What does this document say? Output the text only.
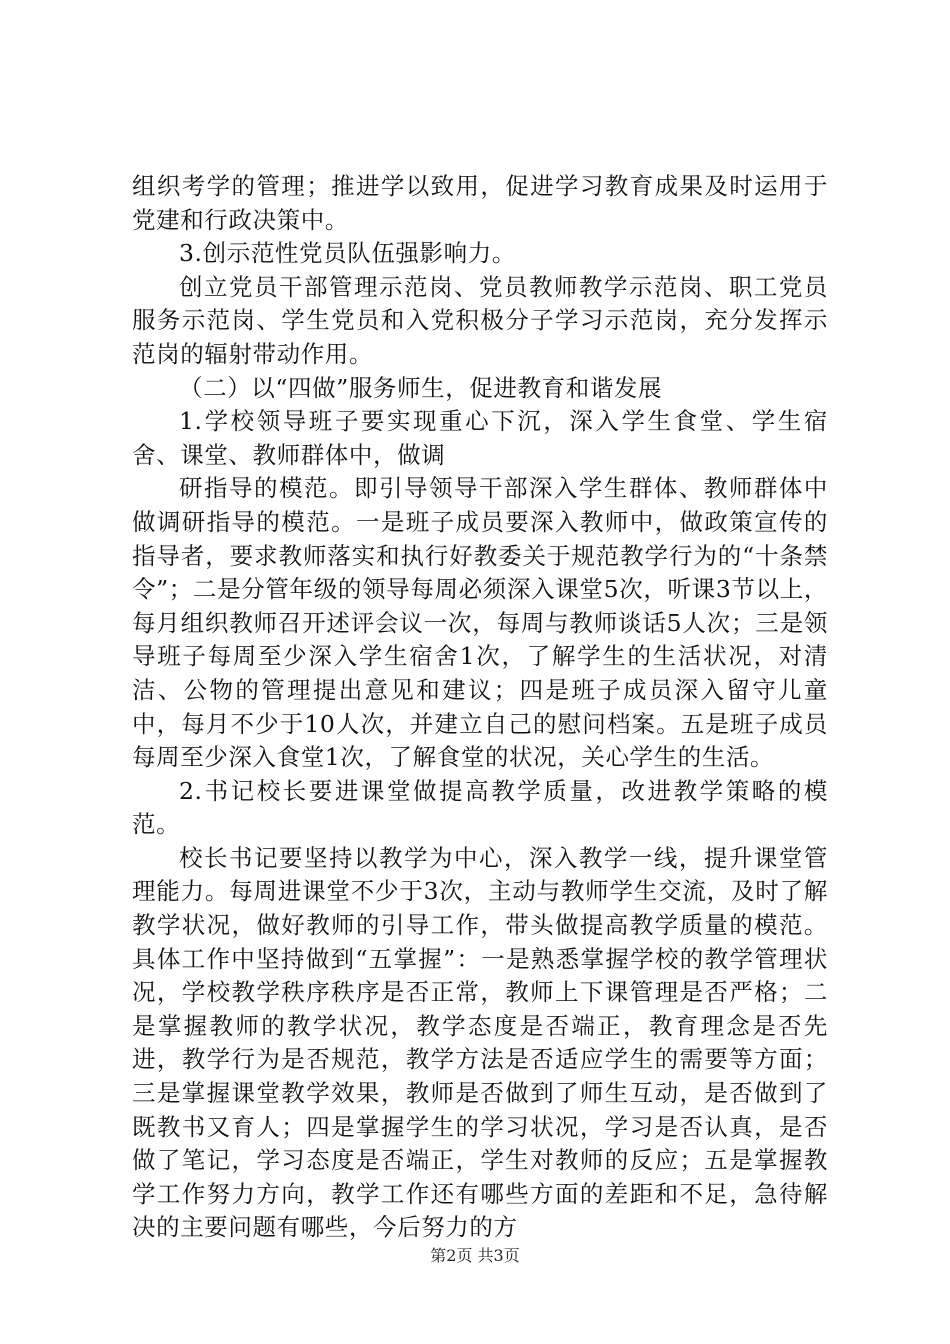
组织考学的管理；推进学以致用，促进学习教育成果及时运用于党建和行政决策中。

3.创示范性党员队伍强影响力。

创立党员干部管理示范岗、党员教师教学示范岗、职工党员服务示范岗、学生党员和入党积极分子学习示范岗，充分发挥示范岗的辐射带动作用。

（二）以“四做”服务师生，促进教育和谐发展

1.学校领导班子要实现重心下沉，深入学生食堂、学生宿舍、课堂、教师群体中，做调

研指导的模范。即引导领导干部深入学生群体、教师群体中做调研指导的模范。一是班子成员要深入教师中，做政策宣传的指导者，要求教师落实和执行好教委关于规范教学行为的“十条禁令”；二是分管年级的领导每周必须深入课堂5次，听课3节以上，每月组织教师召开述评会议一次，每周与教师谈话5人次；三是领导班子每周至少深入学生宿舍1次，了解学生的生活状况，对清洁、公物的管理提出意见和建议；四是班子成员深入留守儿童中，每月不少于10人次，并建立自己的慰问档案。五是班子成员每周至少深入食堂1次，了解食堂的状况，关心学生的生活。

2.书记校长要进课堂做提高教学质量，改进教学策略的模范。

校长书记要坚持以教学为中心，深入教学一线，提升课堂管理能力。每周进课堂不少于3次，主动与教师学生交流，及时了解教学状况，做好教师的引导工作，带头做提高教学质量的模范。具体工作中坚持做到“五掌握”：一是熟悉掌握学校的教学管理状况，学校教学秩序秩序是否正常，教师上下课管理是否严格；二是掌握教师的教学状况，教学态度是否端正，教育理念是否先进，教学行为是否规范，教学方法是否适应学生的需要等方面；三是掌握课堂教学效果，教师是否做到了师生互动，是否做到了既教书又育人；四是掌握学生的学习状况，学习是否认真，是否做了笔记，学习态度是否端正，学生对教师的反应；五是掌握教学工作努力方向，教学工作还有哪些方面的差距和不足，急待解决的主要问题有哪些，今后努力的方

第2页 共3页
